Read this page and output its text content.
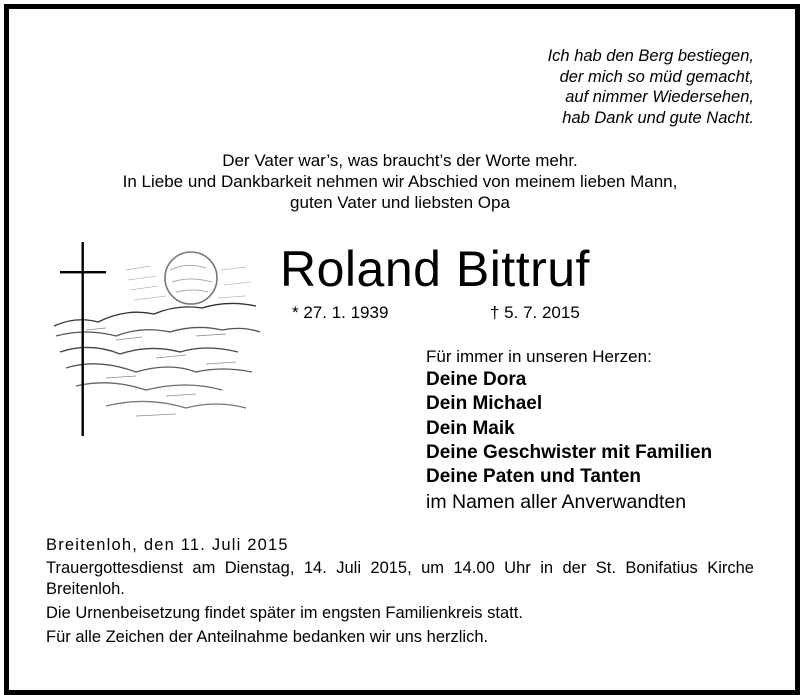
Ich hab den Berg bestiegen,
der mich so müd gemacht,
auf nimmer Wiedersehen,
hab Dank und gute Nacht.
Der Vater war’s, was braucht’s der Worte mehr.
In Liebe und Dankbarkeit nehmen wir Abschied von meinem lieben Mann,
guten Vater und liebsten Opa
Roland Bittruf
* 27. 1. 1939	† 5. 7. 2015
Für immer in unseren Herzen:
Deine Dora
Dein Michael
Dein Maik
Deine Geschwister mit Familien
Deine Paten und Tanten
im Namen aller Anverwandten
Breitenloh, den 11. Juli 2015
Trauergottesdienst am Dienstag, 14. Juli 2015, um 14.00 Uhr in der St. Bonifatius Kirche Breitenloh.
Die Urnenbeisetzung findet später im engsten Familienkreis statt.
Für alle Zeichen der Anteilnahme bedanken wir uns herzlich.
